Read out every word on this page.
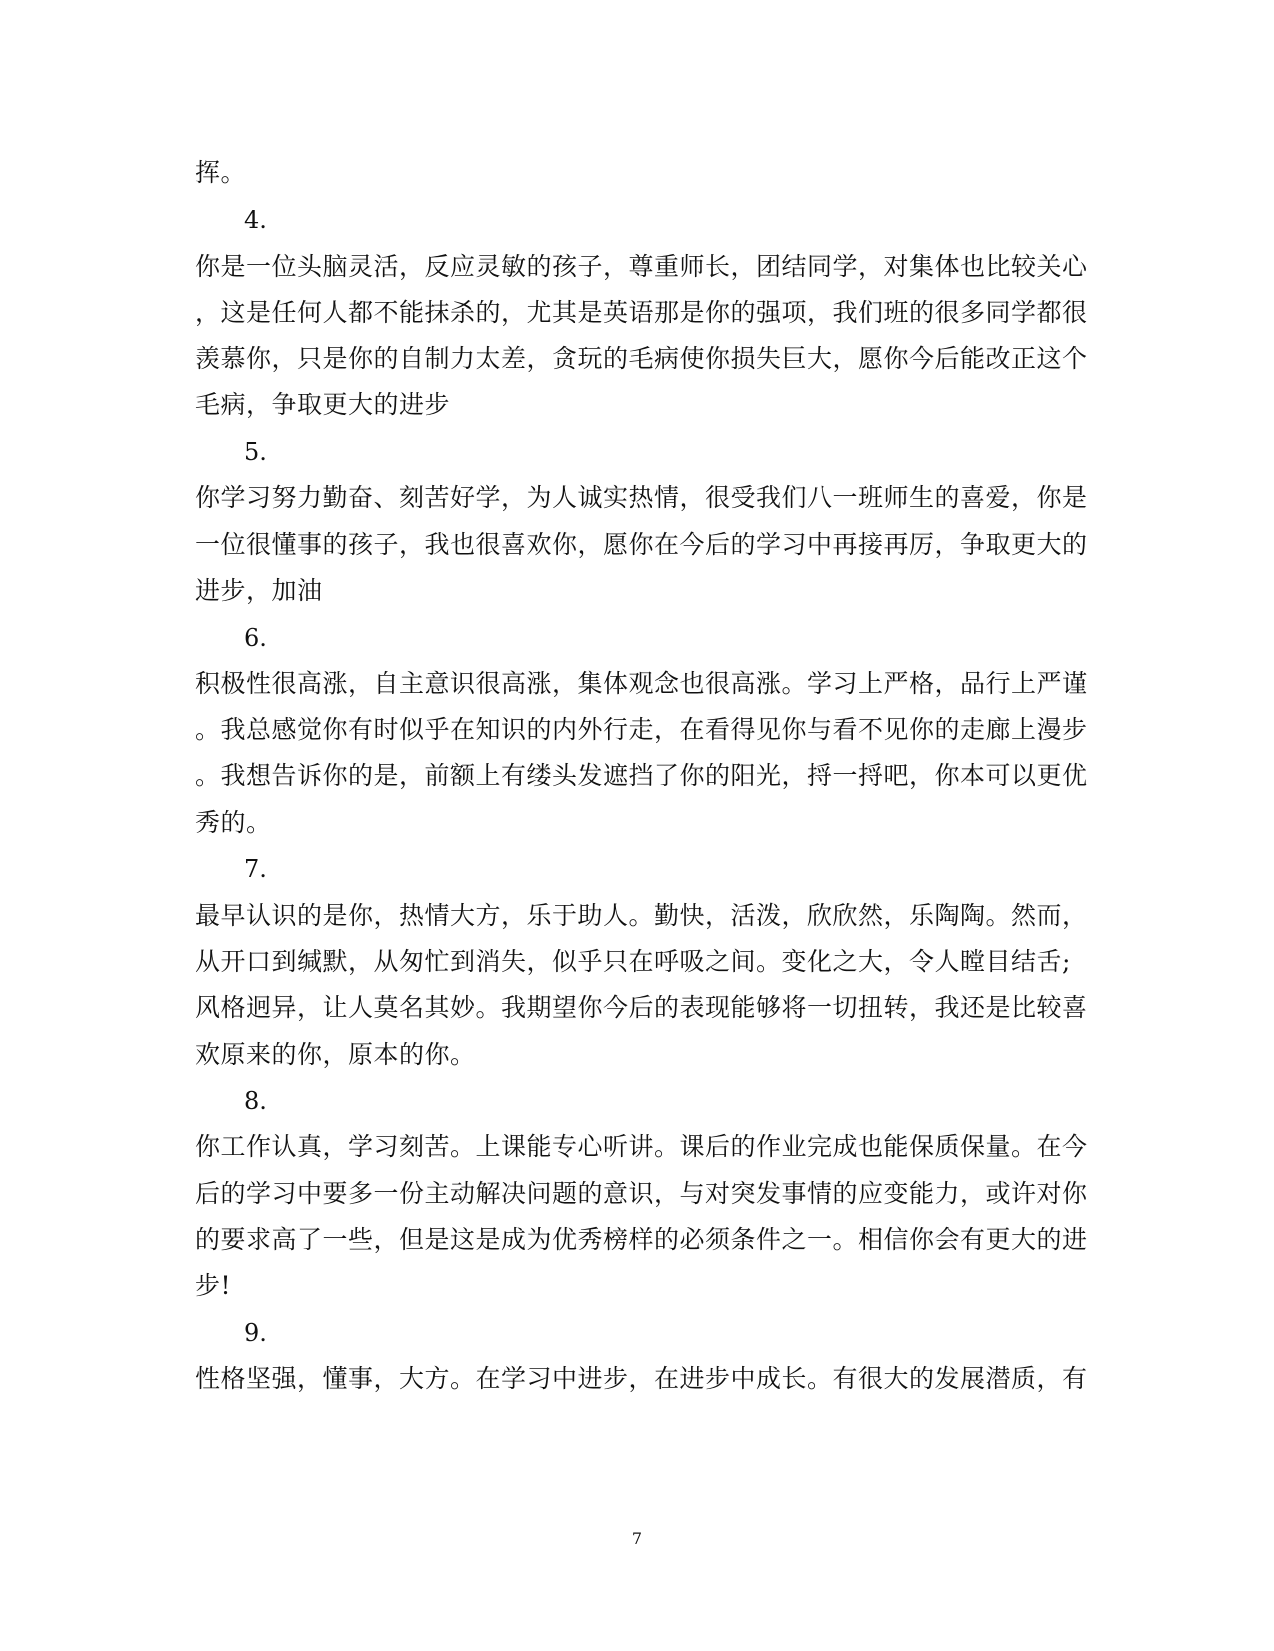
挥。
4.
你是一位头脑灵活，反应灵敏的孩子，尊重师长，团结同学，对集体也比较关心
，这是任何人都不能抹杀的，尤其是英语那是你的强项，我们班的很多同学都很
羡慕你，只是你的自制力太差，贪玩的毛病使你损失巨大，愿你今后能改正这个
毛病，争取更大的进步
5.
你学习努力勤奋、刻苦好学，为人诚实热情，很受我们八一班师生的喜爱，你是
一位很懂事的孩子，我也很喜欢你，愿你在今后的学习中再接再厉，争取更大的
进步，加油
6.
积极性很高涨，自主意识很高涨，集体观念也很高涨。学习上严格，品行上严谨
。我总感觉你有时似乎在知识的内外行走，在看得见你与看不见你的走廊上漫步
。我想告诉你的是，前额上有缕头发遮挡了你的阳光，捋一捋吧，你本可以更优
秀的。
7.
最早认识的是你，热情大方，乐于助人。勤快，活泼，欣欣然，乐陶陶。然而，
从开口到缄默，从匆忙到消失，似乎只在呼吸之间。变化之大，令人瞠目结舌;
风格迥异，让人莫名其妙。我期望你今后的表现能够将一切扭转，我还是比较喜
欢原来的你，原本的你。
8.
你工作认真，学习刻苦。上课能专心听讲。课后的作业完成也能保质保量。在今
后的学习中要多一份主动解决问题的意识，与对突发事情的应变能力，或许对你
的要求高了一些，但是这是成为优秀榜样的必须条件之一。相信你会有更大的进
步!
9.
性格坚强，懂事，大方。在学习中进步，在进步中成长。有很大的发展潜质，有
7
